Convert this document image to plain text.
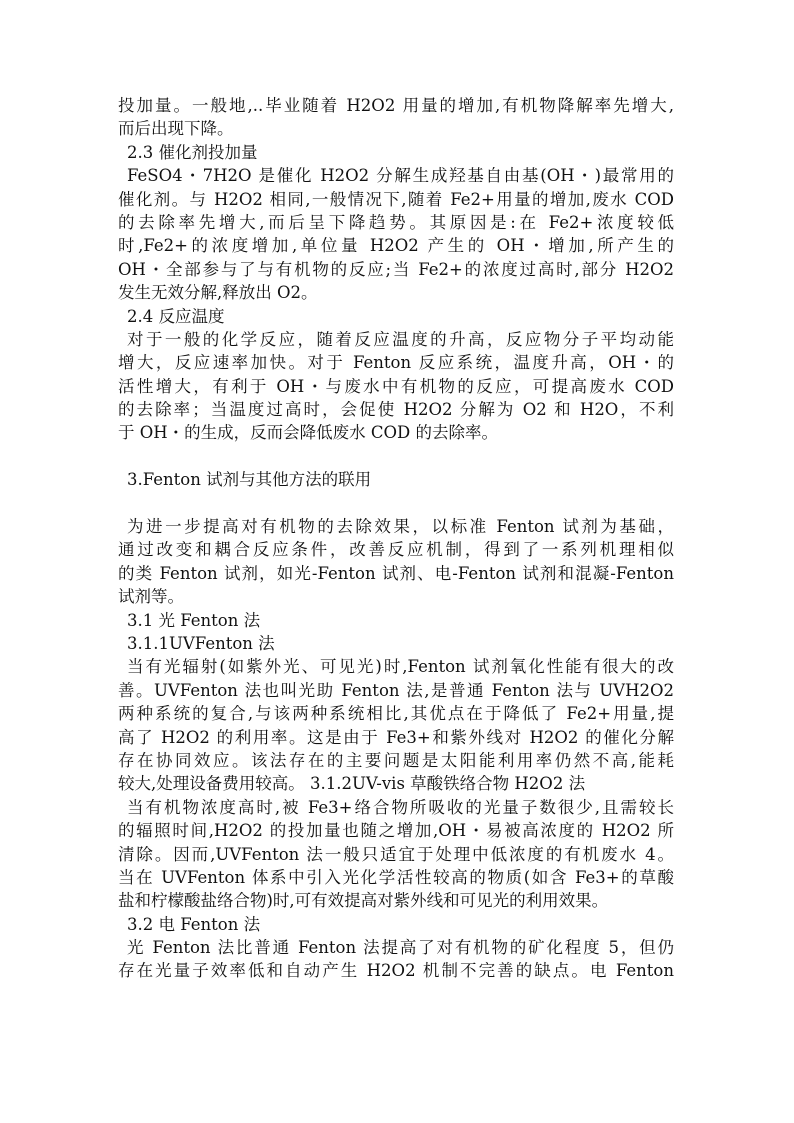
投加量。一般地,..毕业随着 H2O2 用量的增加,有机物降解率先增大,
而后出现下降。
2.3 催化剂投加量
FeSO4・7H2O 是催化 H2O2 分解生成羟基自由基(OH・)最常用的
催化剂。与 H2O2 相同,一般情况下,随着 Fe2+用量的增加,废水 COD
的去除率先增大,而后呈下降趋势。其原因是:在 Fe2+浓度较低
时,Fe2+的浓度增加,单位量 H2O2 产生的 OH・增加,所产生的
OH・全部参与了与有机物的反应;当 Fe2+的浓度过高时,部分 H2O2
发生无效分解,释放出 O2。
2.4 反应温度
对于一般的化学反应，随着反应温度的升高，反应物分子平均动能
增大，反应速率加快。对于 Fenton 反应系统，温度升高，OH・的
活性增大，有利于 OH・与废水中有机物的反应，可提高废水 COD
的去除率；当温度过高时，会促使 H2O2 分解为 O2 和 H2O，不利
于 OH・的生成，反而会降低废水 COD 的去除率。
3.Fenton 试剂与其他方法的联用
为进一步提高对有机物的去除效果，以标准 Fenton 试剂为基础，
通过改变和耦合反应条件，改善反应机制，得到了一系列机理相似
的类 Fenton 试剂，如光-Fenton 试剂、电-Fenton 试剂和混凝-Fenton
试剂等。
3.1 光 Fenton 法
3.1.1UVFenton 法
当有光辐射(如紫外光、可见光)时,Fenton 试剂氧化性能有很大的改
善。UVFenton 法也叫光助 Fenton 法,是普通 Fenton 法与 UVH2O2
两种系统的复合,与该两种系统相比,其优点在于降低了 Fe2+用量,提
高了 H2O2 的利用率。这是由于 Fe3+和紫外线对 H2O2 的催化分解
存在协同效应。该法存在的主要问题是太阳能利用率仍然不高,能耗
较大,处理设备费用较高。 3.1.2UV-vis 草酸铁络合物 H2O2 法
当有机物浓度高时,被 Fe3+络合物所吸收的光量子数很少,且需较长
的辐照时间,H2O2 的投加量也随之增加,OH・易被高浓度的 H2O2 所
清除。因而,UVFenton 法一般只适宜于处理中低浓度的有机废水 4。
当在 UVFenton 体系中引入光化学活性较高的物质(如含 Fe3+的草酸
盐和柠檬酸盐络合物)时,可有效提高对紫外线和可见光的利用效果。
3.2 电 Fenton 法
光 Fenton 法比普通 Fenton 法提高了对有机物的矿化程度 5，但仍
存在光量子效率低和自动产生 H2O2 机制不完善的缺点。电 Fenton
